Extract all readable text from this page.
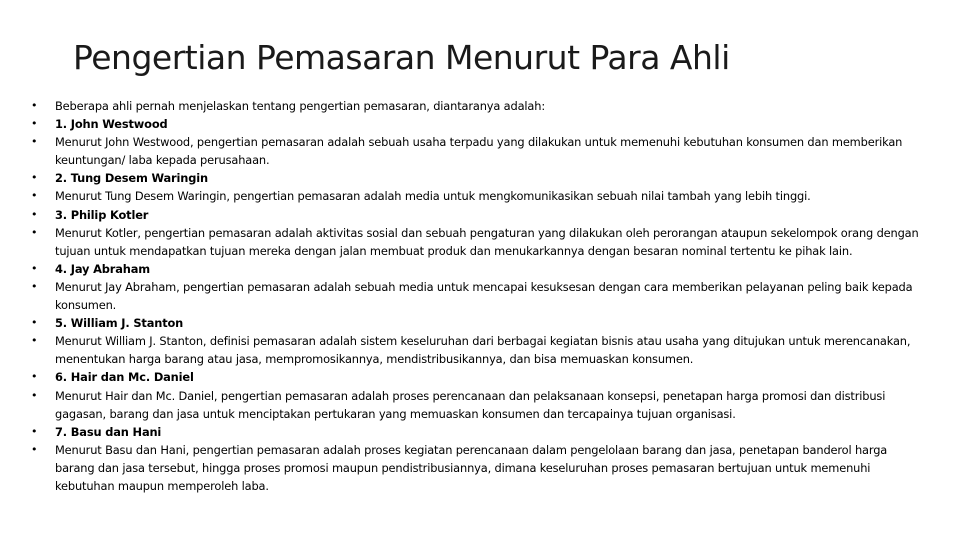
Pengertian Pemasaran Menurut Para Ahli
• Beberapa ahli pernah menjelaskan tentang pengertian pemasaran, diantaranya adalah:
• 1. John Westwood
• Menurut John Westwood, pengertian pemasaran adalah sebuah usaha terpadu yang dilakukan untuk memenuhi kebutuhan konsumen dan memberikan keuntungan/ laba kepada perusahaan.
• 2. Tung Desem Waringin
• Menurut Tung Desem Waringin, pengertian pemasaran adalah media untuk mengkomunikasikan sebuah nilai tambah yang lebih tinggi.
• 3. Philip Kotler
• Menurut Kotler, pengertian pemasaran adalah aktivitas sosial dan sebuah pengaturan yang dilakukan oleh perorangan ataupun sekelompok orang dengan tujuan untuk mendapatkan tujuan mereka dengan jalan membuat produk dan menukarkannya dengan besaran nominal tertentu ke pihak lain.
• 4. Jay Abraham
• Menurut Jay Abraham, pengertian pemasaran adalah sebuah media untuk mencapai kesuksesan dengan cara memberikan pelayanan peling baik kepada konsumen.
• 5. William J. Stanton
• Menurut William J. Stanton, definisi pemasaran adalah sistem keseluruhan dari berbagai kegiatan bisnis atau usaha yang ditujukan untuk merencanakan, menentukan harga barang atau jasa, mempromosikannya, mendistribusikannya, dan bisa memuaskan konsumen.
• 6. Hair dan Mc. Daniel
• Menurut Hair dan Mc. Daniel, pengertian pemasaran adalah proses perencanaan dan pelaksanaan konsepsi, penetapan harga promosi dan distribusi gagasan, barang dan jasa untuk menciptakan pertukaran yang memuaskan konsumen dan tercapainya tujuan organisasi.
• 7. Basu dan Hani
• Menurut Basu dan Hani, pengertian pemasaran adalah proses kegiatan perencanaan dalam pengelolaan barang dan jasa, penetapan banderol harga barang dan jasa tersebut, hingga proses promosi maupun pendistribusiannya, dimana keseluruhan proses pemasaran bertujuan untuk memenuhi kebutuhan maupun memperoleh laba.
